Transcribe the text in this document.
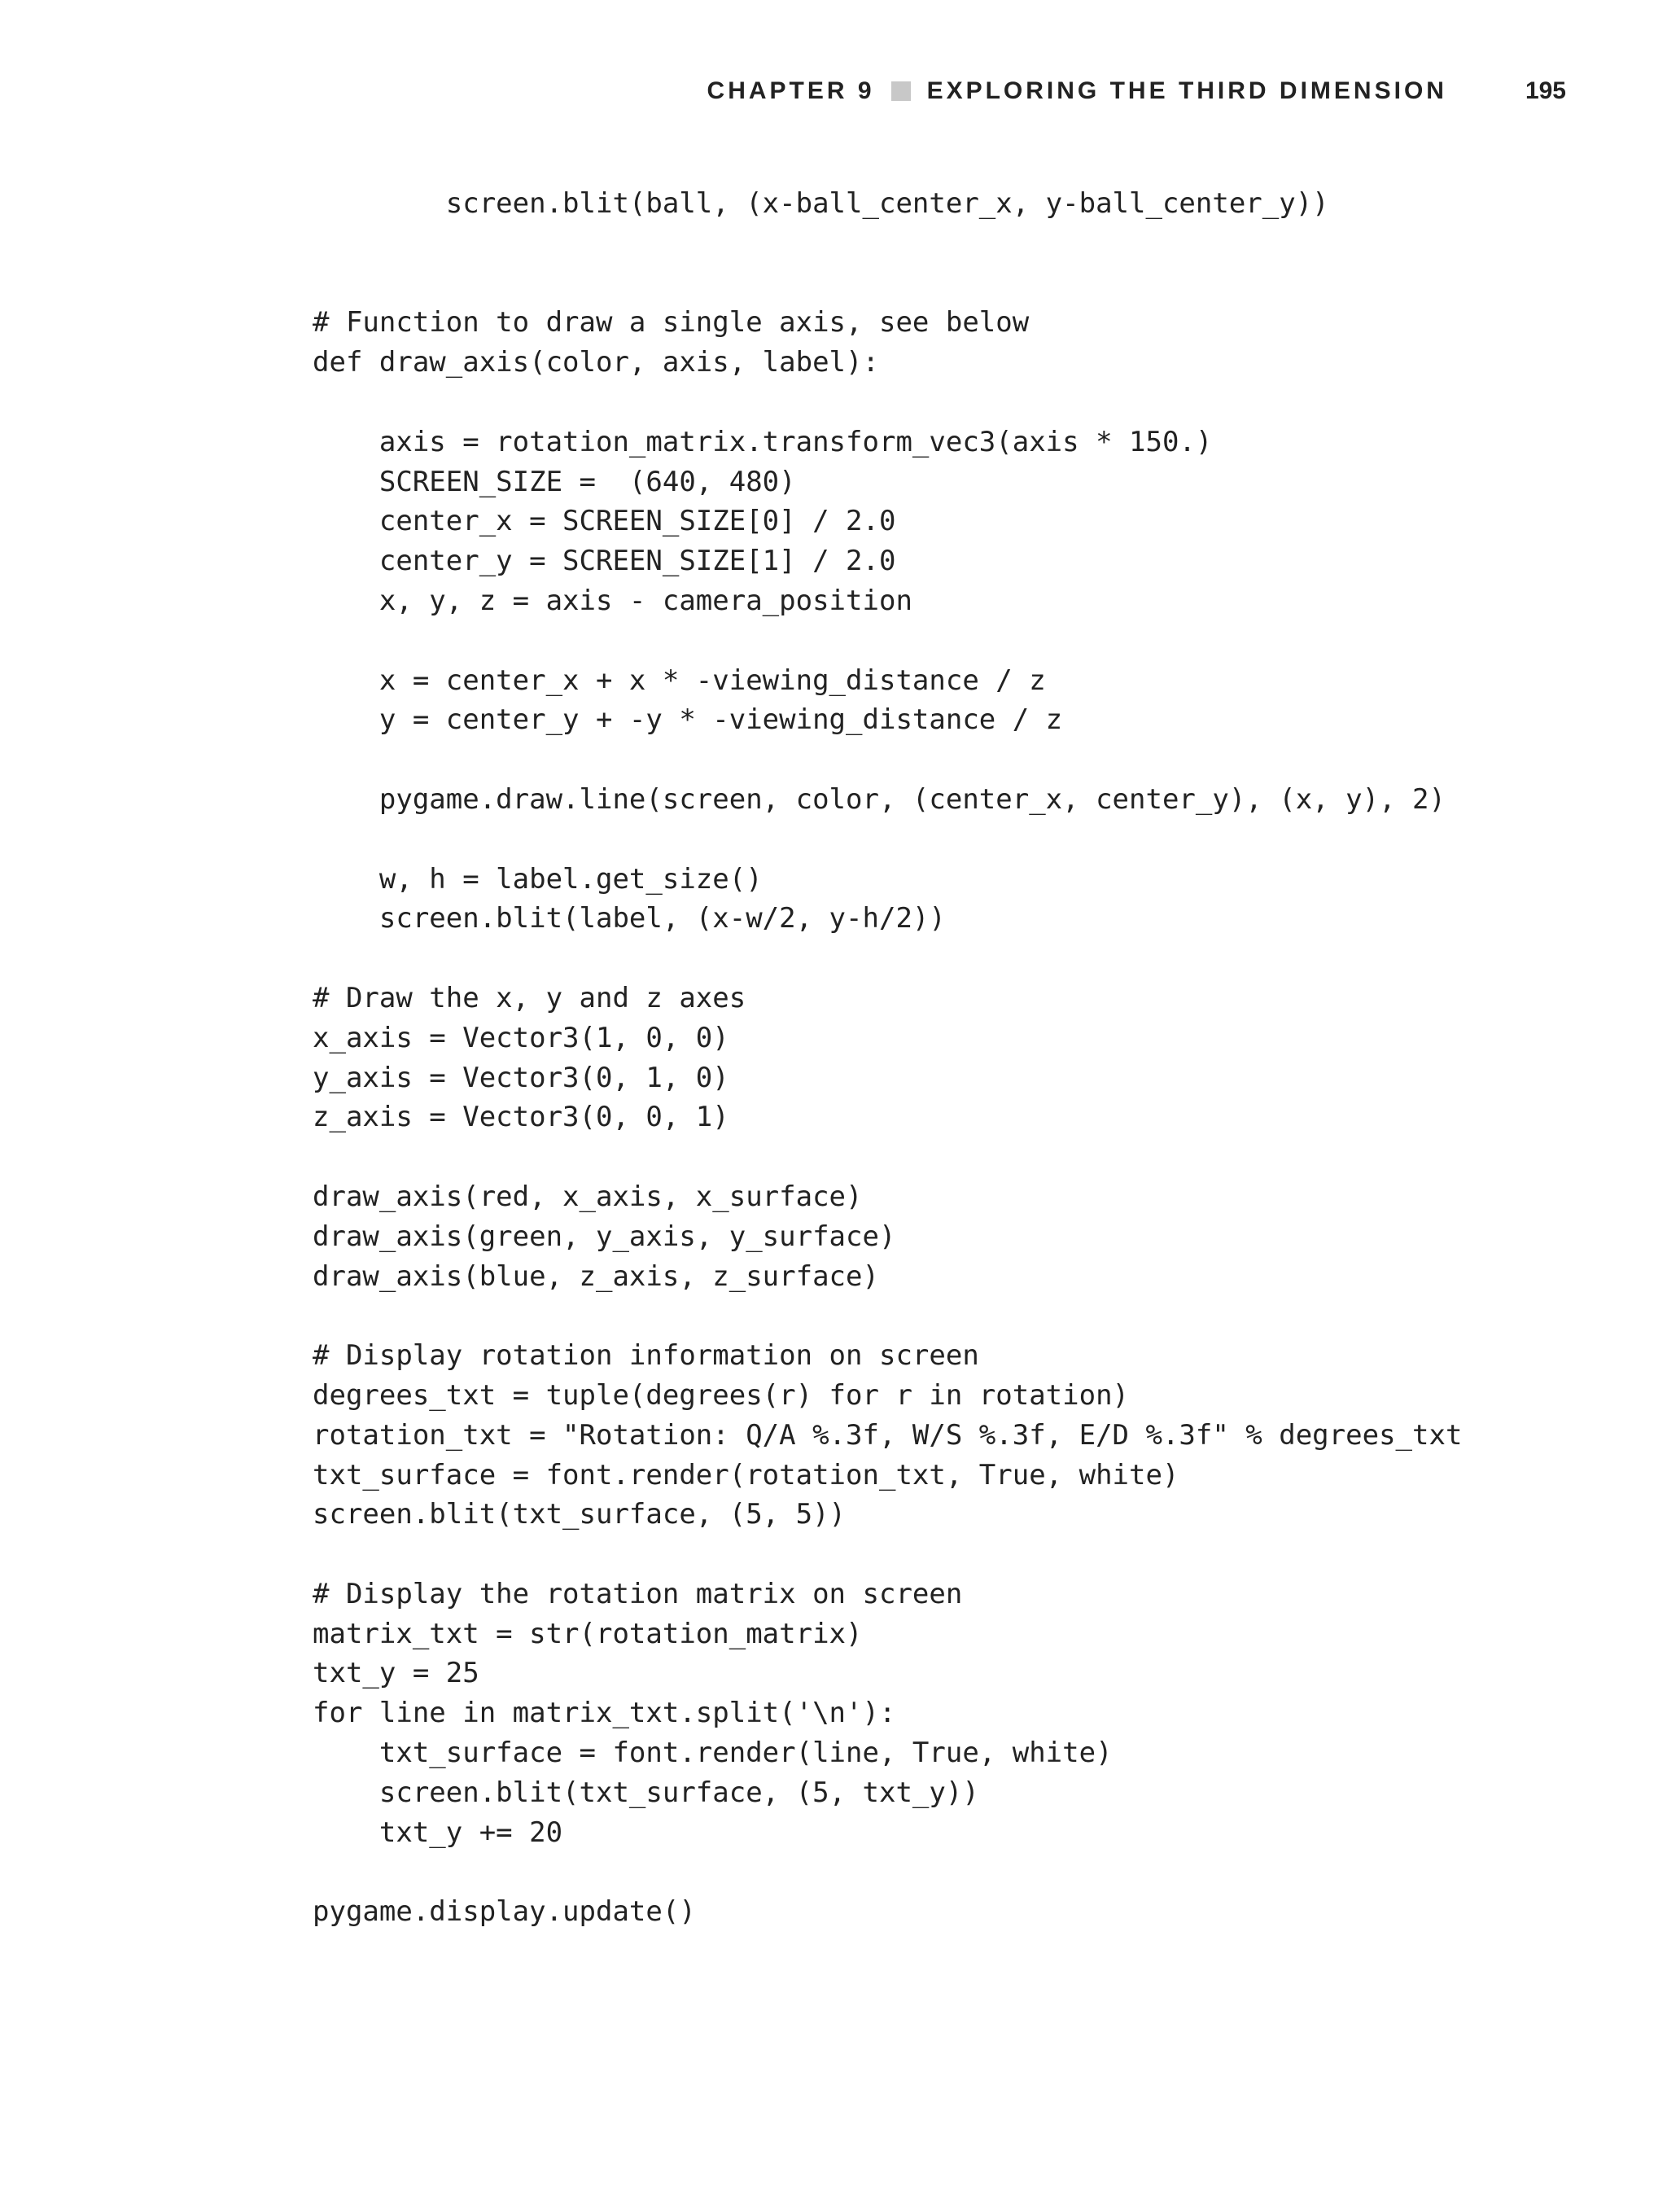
CHAPTER 9 EXPLORING THE THIRD DIMENSION	195
screen.blit(ball, (x-ball_center_x, y-ball_center_y))

# Function to draw a single axis, see below
def draw_axis(color, axis, label):

axis = rotation_matrix.transform_vec3(axis * 150.)
SCREEN_SIZE =  (640, 480)
center_x = SCREEN_SIZE[0] / 2.0
center_y = SCREEN_SIZE[1] / 2.0
x, y, z = axis - camera_position

x = center_x + x * -viewing_distance / z
y = center_y + -y * -viewing_distance / z

pygame.draw.line(screen, color, (center_x, center_y), (x, y), 2)

w, h = label.get_size()
screen.blit(label, (x-w/2, y-h/2))

# Draw the x, y and z axes
x_axis = Vector3(1, 0, 0)
y_axis = Vector3(0, 1, 0)
z_axis = Vector3(0, 0, 1)

draw_axis(red, x_axis, x_surface)
draw_axis(green, y_axis, y_surface)
draw_axis(blue, z_axis, z_surface)

# Display rotation information on screen
degrees_txt = tuple(degrees(r) for r in rotation)
rotation_txt = "Rotation: Q/A %.3f, W/S %.3f, E/D %.3f" % degrees_txt
txt_surface = font.render(rotation_txt, True, white)
screen.blit(txt_surface, (5, 5))

# Display the rotation matrix on screen
matrix_txt = str(rotation_matrix)
txt_y = 25
for line in matrix_txt.split('\n'):
txt_surface = font.render(line, True, white)
screen.blit(txt_surface, (5, txt_y))
txt_y += 20

pygame.display.update()
